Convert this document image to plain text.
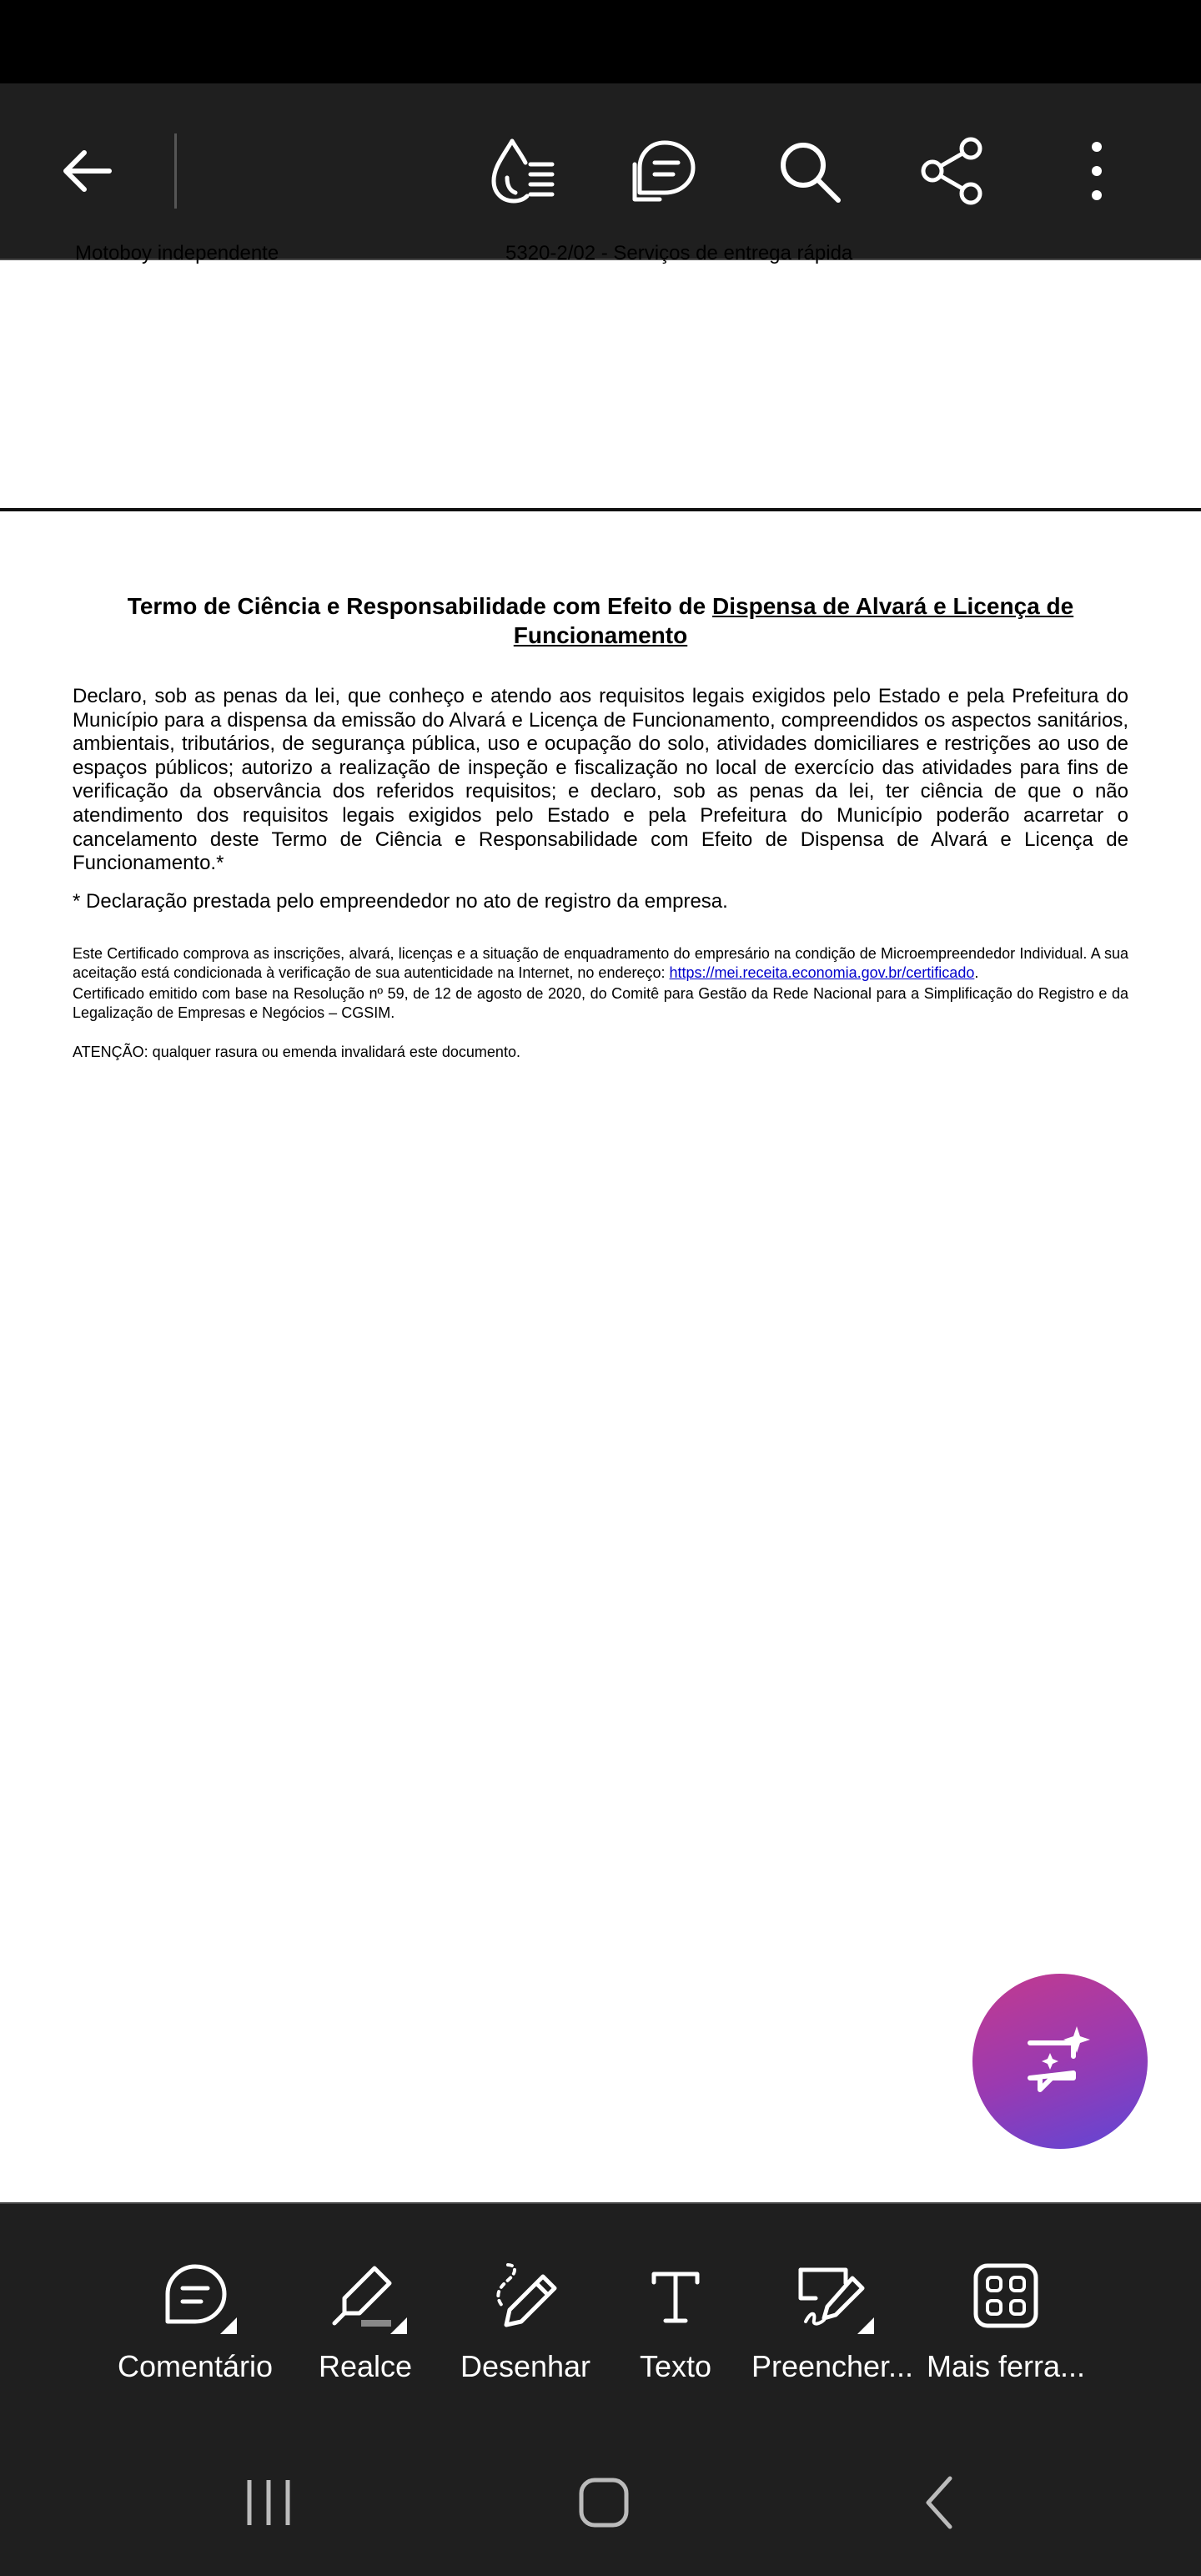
Motoboy independente	5320-2/02 - Serviços de entrega rápida
Termo de Ciência e Responsabilidade com Efeito de Dispensa de Alvará e Licença de Funcionamento
Declaro, sob as penas da lei, que conheço e atendo aos requisitos legais exigidos pelo Estado e pela Prefeitura do Município para a dispensa da emissão do Alvará e Licença de Funcionamento, compreendidos os aspectos sanitários, ambientais, tributários, de segurança pública, uso e ocupação do solo, atividades domiciliares e restrições ao uso de espaços públicos; autorizo a realização de inspeção e fiscalização no local de exercício das atividades para fins de verificação da observância dos referidos requisitos; e declaro, sob as penas da lei, ter ciência de que o não atendimento dos requisitos legais exigidos pelo Estado e pela Prefeitura do Município poderão acarretar o cancelamento deste Termo de Ciência e Responsabilidade com Efeito de Dispensa de Alvará e Licença de Funcionamento.*
* Declaração prestada pelo empreendedor no ato de registro da empresa.
Este Certificado comprova as inscrições, alvará, licenças e a situação de enquadramento do empresário na condição de Microempreendedor Individual. A sua aceitação está condicionada à verificação de sua autenticidade na Internet, no endereço: https://mei.receita.economia.gov.br/certificado.
Certificado emitido com base na Resolução nº 59, de 12 de agosto de 2020, do Comitê para Gestão da Rede Nacional para a Simplificação do Registro e da Legalização de Empresas e Negócios – CGSIM.
ATENÇÃO: qualquer rasura ou emenda invalidará este documento.
Comentário Realce Desenhar Texto Preencher... Mais ferra...
